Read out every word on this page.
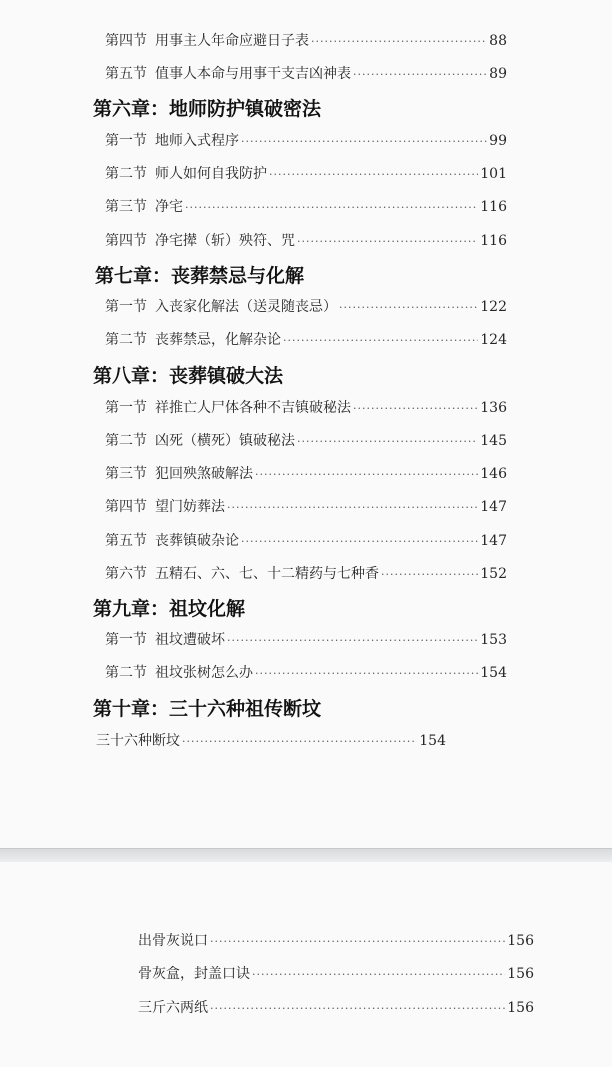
第四节 用事主人年命应避日子表 ·····	88
第五节 值事人本命与用事干支吉凶神表 ·····	89
第六章：地师防护镇破密法
第一节 地师入式程序 ·····	99
第二节 师人如何自我防护 ·····	101
第三节 净宅 ·····	116
第四节 净宅撵（斩）殃符、咒 ·····	116
第七章：丧葬禁忌与化解
第一节 入丧家化解法（送灵随丧忌） ·····	122
第二节 丧葬禁忌，化解杂论 ·····	124
第八章：丧葬镇破大法
第一节 祥推亡人尸体各种不吉镇破秘法 ·····	136
第二节 凶死（横死）镇破秘法 ·····	145
第三节 犯回殃煞破解法 ·····	146
第四节 望门妨葬法 ·····	147
第五节 丧葬镇破杂论 ·····	147
第六节 五精石、六、七、十二精药与七种香 ·····	152
第九章：祖坟化解
第一节 祖坟遭破坏 ·····	153
第二节 祖坟张树怎么办 ·····	154
第十章：三十六种祖传断坟
三十六种断坟 ·····	154
出骨灰说口 ·····	156
骨灰盒，封盖口诀 ·····	156
三斤六两纸 ·····	156
